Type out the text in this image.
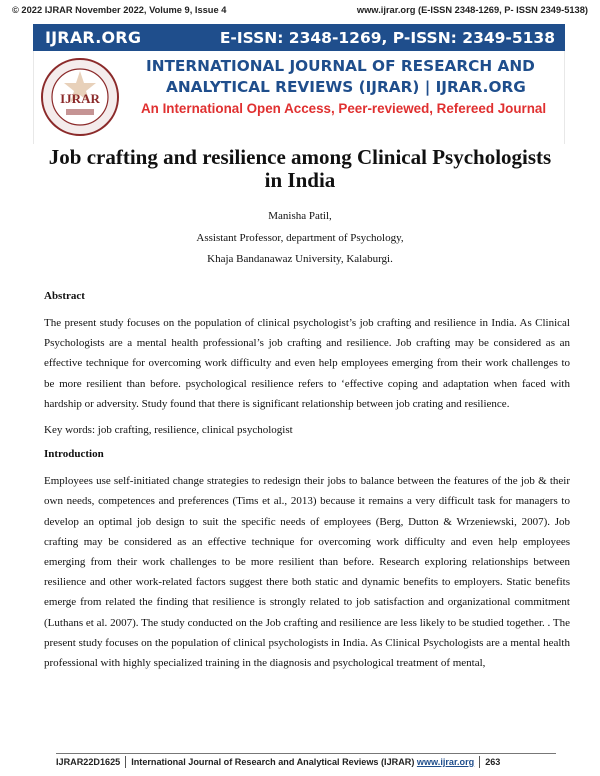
© 2022 IJRAR November 2022, Volume 9, Issue 4	www.ijrar.org (E-ISSN 2348-1269, P- ISSN 2349-5138)
IJRAR.ORG	E-ISSN: 2348-1269, P-ISSN: 2349-5138
IJRAR
INTERNATIONAL JOURNAL OF RESEARCH AND
ANALYTICAL REVIEWS (IJRAR) | IJRAR.ORG
An International Open Access, Peer-reviewed, Refereed Journal
Job crafting and resilience among Clinical Psychologists in India
Manisha Patil,
Assistant Professor, department of Psychology,
Khaja Bandanawaz University, Kalaburgi.

Abstract

The present study focuses on the population of clinical psychologist’s job crafting and resilience in India. As Clinical Psychologists are a mental health professional’s job crafting and resilience. Job crafting may be considered as an effective technique for overcoming work difficulty and even help employees emerging from their work challenges to be more resilient than before. psychological resilience refers to ‘effective coping and adaptation when faced with hardship or adversity. Study found that there is significant relationship between job crating and resilience.

Key words: job crafting, resilience, clinical psychologist

Introduction

Employees use self-initiated change strategies to redesign their jobs to balance between the features of the job & their own needs, competences and preferences (Tims et al., 2013) because it remains a very difficult task for managers to develop an optimal job design to suit the specific needs of employees (Berg, Dutton & Wrzeniewski, 2007). Job crafting may be considered as an effective technique for overcoming work difficulty and even help employees emerging from their work challenges to be more resilient than before. Research exploring relationships between resilience and other work-related factors suggest there both static and dynamic benefits to employers. Static benefits emerge from related the finding that resilience is strongly related to job satisfaction and organizational commitment (Luthans et al. 2007). The study conducted on the Job crafting and resilience are less likely to be studied together. . The present study focuses on the population of clinical psychologists in India. As Clinical Psychologists are a mental health professional with highly specialized training in the diagnosis and psychological treatment of mental,

IJRAR22D1625 International Journal of Research and Analytical Reviews (IJRAR)
www.ijrar.org 263
